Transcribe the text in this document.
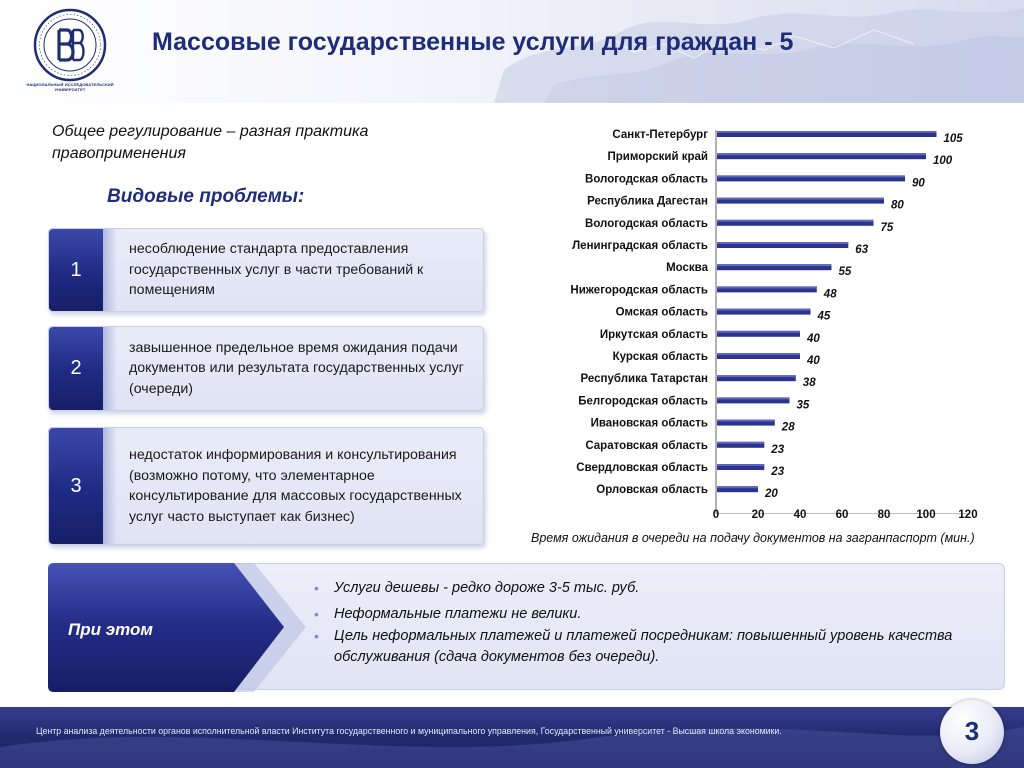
НАЦИОНАЛЬНЫЙ ИССЛЕДОВАТЕЛЬСКИЙ
УНИВЕРСИТЕТ
Массовые государственные услуги для граждан - 5
Общее регулирование – разная практика правоприменения
Видовые проблемы:
1
несоблюдение стандарта предоставления государственных услуг в части требований к помещениям
2
завышенное предельное время ожидания подачи документов или результата государственных услуг (очереди)
3
недостаток информирования и консультирования (возможно потому, что элементарное консультирование для массовых государственных услуг часто выступает как бизнес)
Санкт-Петербург	105
Приморский край	100
Вологодская область	90
Республика Дагестан	80
Вологодская область	75
Ленинградская область	63
Москва	55
Нижегородская область	48
Омская область	45
Иркутская область	40
Курская область	40
Республика Татарстан	38
Белгородская область	35
Ивановская область	28
Саратовская область	23
Свердловская область	23
Орловская область	20
0	20	40	60	80 100 120
Время ожидания в очереди на подачу документов на загранпаспорт (мин.)
При этом
• Услуги дешевы - редко дороже 3-5 тыс. руб.
• Неформальные платежи не велики.
• Цель неформальных платежей и платежей посредникам: повышенный уровень качества обслуживания (сдача документов без очереди).
Центр анализа деятельности органов исполнительной власти Института государственного и муниципального управления, Государственный университет - Высшая школа экономики.	3
